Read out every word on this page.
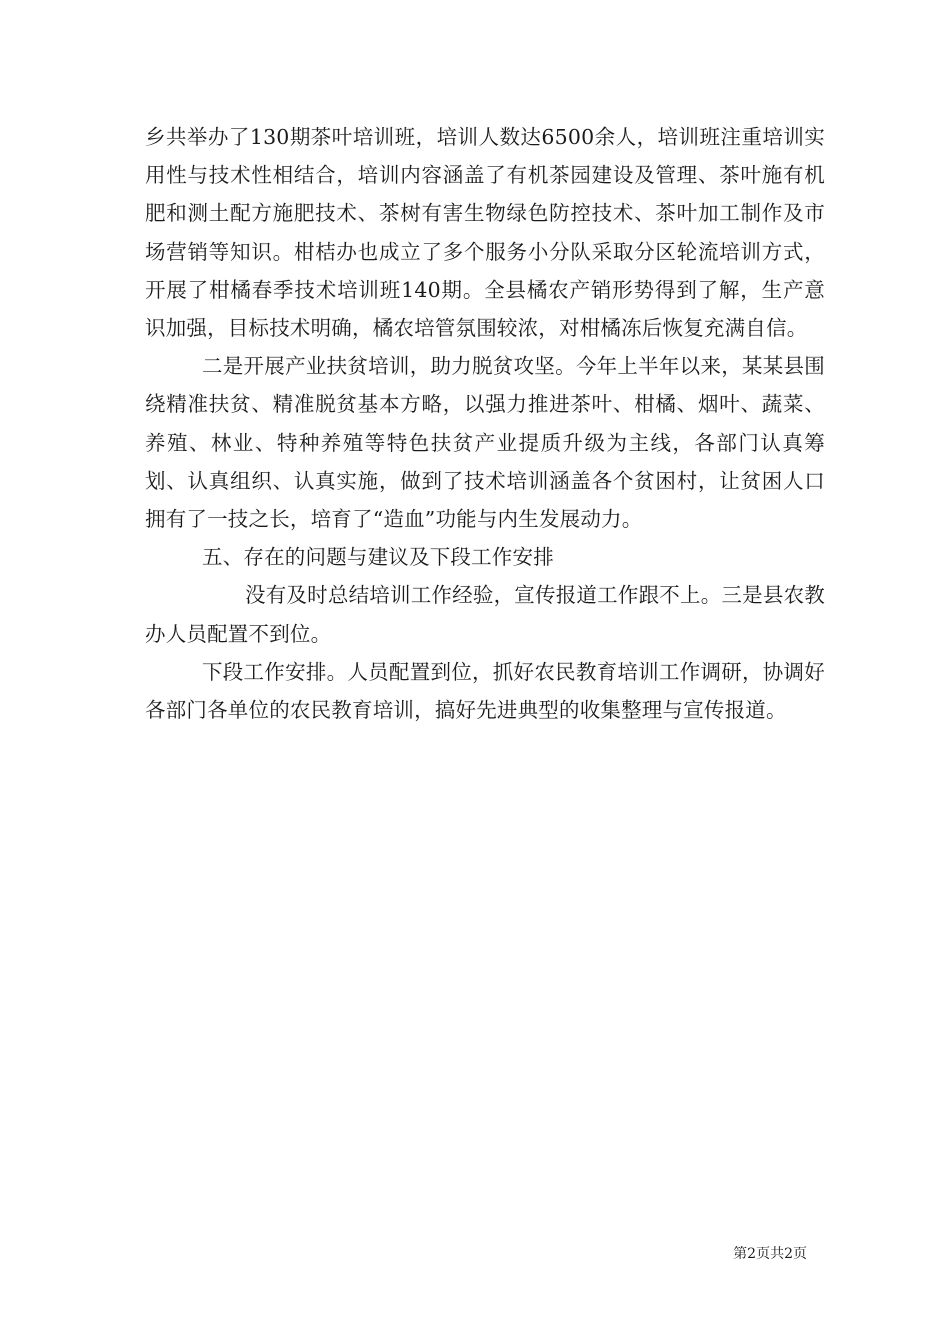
乡共举办了130期茶叶培训班，培训人数达6500余人，培训班注重培训实用性与技术性相结合，培训内容涵盖了有机茶园建设及管理、茶叶施有机肥和测土配方施肥技术、茶树有害生物绿色防控技术、茶叶加工制作及市场营销等知识。柑桔办也成立了多个服务小分队采取分区轮流培训方式，开展了柑橘春季技术培训班140期。全县橘农产销形势得到了解，生产意识加强，目标技术明确，橘农培管氛围较浓，对柑橘冻后恢复充满自信。

二是开展产业扶贫培训，助力脱贫攻坚。今年上半年以来，某某县围绕精准扶贫、精准脱贫基本方略，以强力推进茶叶、柑橘、烟叶、蔬菜、养殖、林业、特种养殖等特色扶贫产业提质升级为主线，各部门认真筹划、认真组织、认真实施，做到了技术培训涵盖各个贫困村，让贫困人口拥有了一技之长，培育了“造血”功能与内生发展动力。

五、存在的问题与建议及下段工作安排

没有及时总结培训工作经验，宣传报道工作跟不上。三是县农教办人员配置不到位。

下段工作安排。人员配置到位，抓好农民教育培训工作调研，协调好各部门各单位的农民教育培训，搞好先进典型的收集整理与宣传报道。

第2页共2页
